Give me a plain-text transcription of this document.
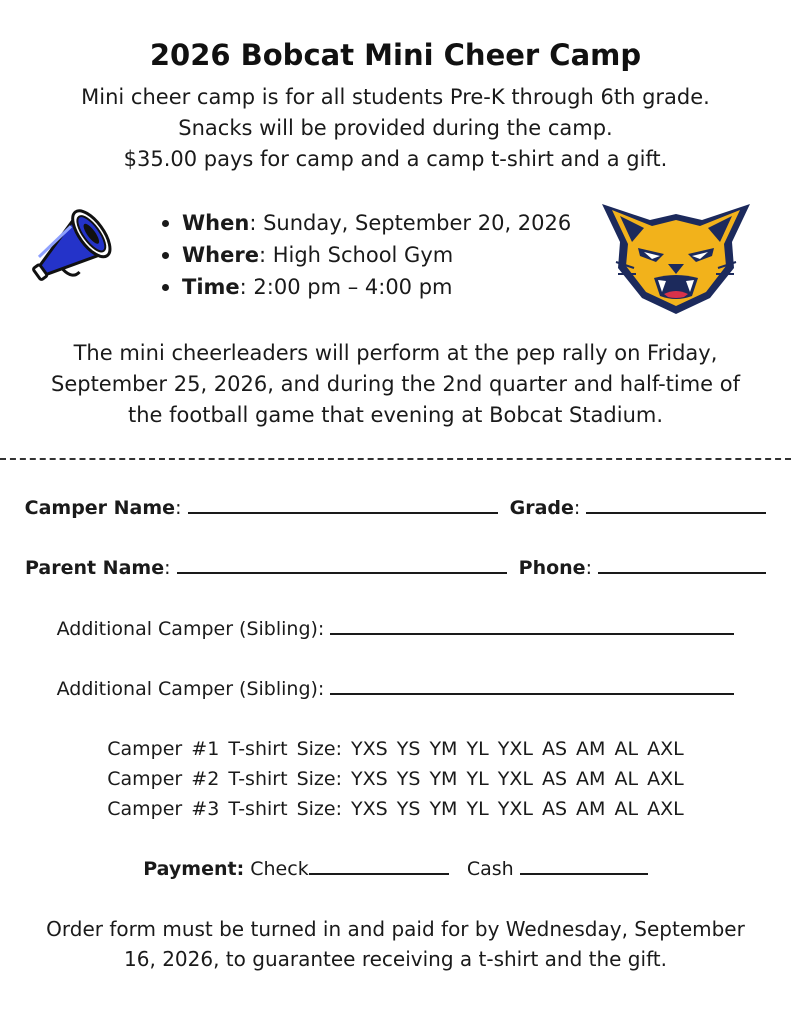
2026 Bobcat Mini Cheer Camp
Mini cheer camp is for all students Pre-K through 6th grade.
Snacks will be provided during the camp.
$35.00 pays for camp and a camp t-shirt and a gift.
When: Sunday, September 20, 2026
Where: High School Gym
Time: 2:00 pm – 4:00 pm
The mini cheerleaders will perform at the pep rally on Friday,
September 25, 2026, and during the 2nd quarter and half-time of
the football game that evening at Bobcat Stadium.
Camper Name:	Grade:
Parent Name:	Phone:
Additional Camper (Sibling):
Additional Camper (Sibling):
Camper #1 T-shirt Size: YXS YS YM YL YXL AS AM AL AXL
Camper #2 T-shirt Size: YXS YS YM YL YXL AS AM AL AXL
Camper #3 T-shirt Size: YXS YS YM YL YXL AS AM AL AXL
Payment: Check	Cash
Order form must be turned in and paid for by Wednesday, September
16, 2026, to guarantee receiving a t-shirt and the gift.
